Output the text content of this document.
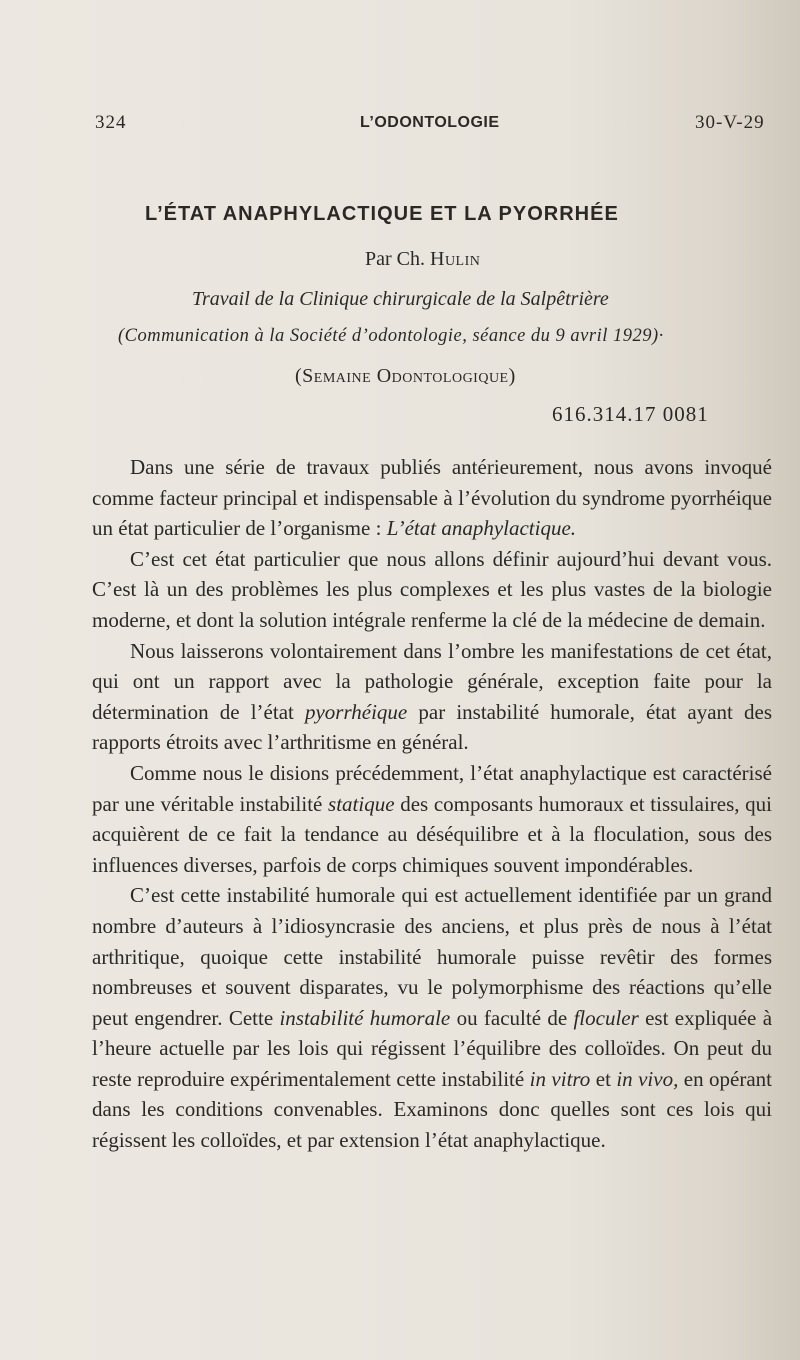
324	L’ODONTOLOGIE	30-V-29
L’ÉTAT ANAPHYLACTIQUE ET LA PYORRHÉE
Par Ch. Hulin
Travail de la Clinique chirurgicale de la Salpêtrière
(Communication à la Société d’odontologie, séance du 9 avril 1929)·
(Semaine Odontologique)
616.314.17 0081

Dans une série de travaux publiés antérieurement, nous avons invoqué comme facteur principal et indispensable à l’évolution du syndrome pyorrhéique un état particulier de l’organisme : L’état anaphylactique.

C’est cet état particulier que nous allons définir aujourd’hui devant vous. C’est là un des problèmes les plus complexes et les plus vastes de la biologie moderne, et dont la solution intégrale renferme la clé de la médecine de demain.

Nous laisserons volontairement dans l’ombre les manifestations de cet état, qui ont un rapport avec la pathologie générale, exception faite pour la détermination de l’état pyorrhéique par instabilité humorale, état ayant des rapports étroits avec l’arthritisme en général.

Comme nous le disions précédemment, l’état anaphylactique est caractérisé par une véritable instabilité statique des composants humoraux et tissulaires, qui acquièrent de ce fait la tendance au déséquilibre et à la floculation, sous des influences diverses, parfois de corps chimiques souvent impondérables.

C’est cette instabilité humorale qui est actuellement identifiée par un grand nombre d’auteurs à l’idiosyncrasie des anciens, et plus près de nous à l’état arthritique, quoique cette instabilité humorale puisse revêtir des formes nombreuses et souvent disparates, vu le polymorphisme des réactions qu’elle peut engendrer. Cette instabilité humorale ou faculté de floculer est expliquée à l’heure actuelle par les lois qui régissent l’équilibre des colloïdes. On peut du reste reproduire expérimentalement cette instabilité in vitro et in vivo, en opérant dans les conditions convenables. Examinons donc quelles sont ces lois qui régissent les colloïdes, et par extension l’état anaphylactique.
